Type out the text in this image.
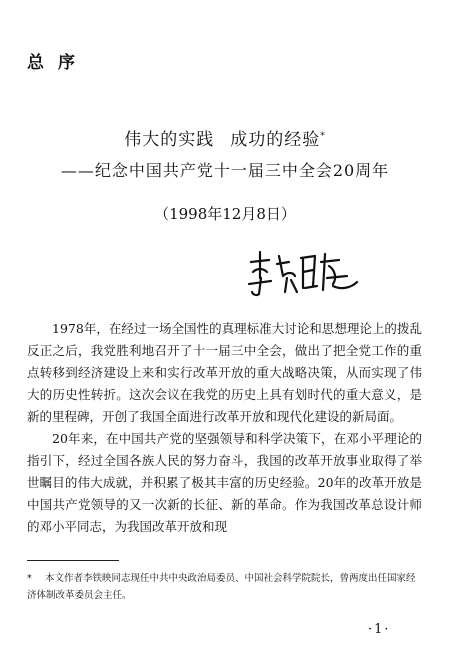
总序
伟大的实践 成功的经验*
——纪念中国共产党十一届三中全会20周年
（1998年12月8日）

1978年，在经过一场全国性的真理标准大讨论和思想理论上的拨乱反正之后，我党胜利地召开了十一届三中全会，做出了把全党工作的重点转移到经济建设上来和实行改革开放的重大战略决策，从而实现了伟大的历史性转折。这次会议在我党的历史上具有划时代的重大意义，是新的里程碑，开创了我国全面进行改革开放和现代化建设的新局面。

20年来，在中国共产党的坚强领导和科学决策下，在邓小平理论的指引下，经过全国各族人民的努力奋斗，我国的改革开放事业取得了举世瞩目的伟大成就，并积累了极其丰富的历史经验。20年的改革开放是中国共产党领导的又一次新的长征、新的革命。作为我国改革总设计师的邓小平同志，为我国改革开放和现

* 本文作者李铁映同志现任中共中央政治局委员、中国社会科学院院长，曾两度出任国家经济体制改革委员会主任。
·1·
